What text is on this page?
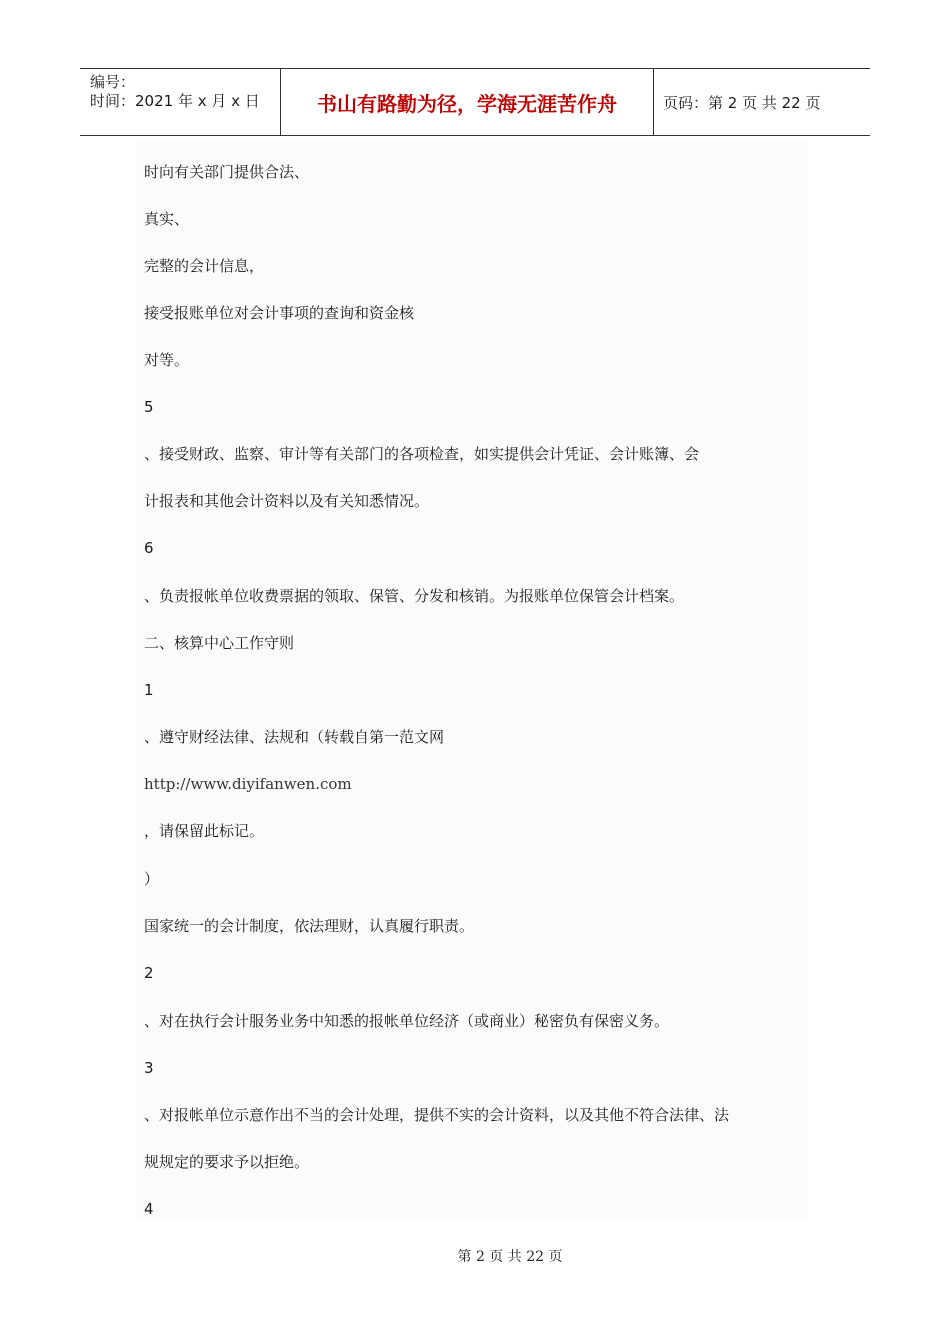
编号：
时间：2021 年 x 月 x 日	书山有路勤为径，学海无涯苦作舟	页码：第 2 页 共 22 页
时向有关部门提供合法、
真实、
完整的会计信息，
接受报账单位对会计事项的查询和资金核
对等。
5
、接受财政、监察、审计等有关部门的各项检查，如实提供会计凭证、会计账簿、会
计报表和其他会计资料以及有关知悉情况。
6
、负责报帐单位收费票据的领取、保管、分发和核销。为报账单位保管会计档案。
二、核算中心工作守则
1
、遵守财经法律、法规和（转载自第一范文网
http://www.diyifanwen.com
，请保留此标记。
）
国家统一的会计制度，依法理财，认真履行职责。
2
、对在执行会计服务业务中知悉的报帐单位经济（或商业）秘密负有保密义务。
3
、对报帐单位示意作出不当的会计处理，提供不实的会计资料，以及其他不符合法律、法
规规定的要求予以拒绝。
4
第 2 页 共 22 页
